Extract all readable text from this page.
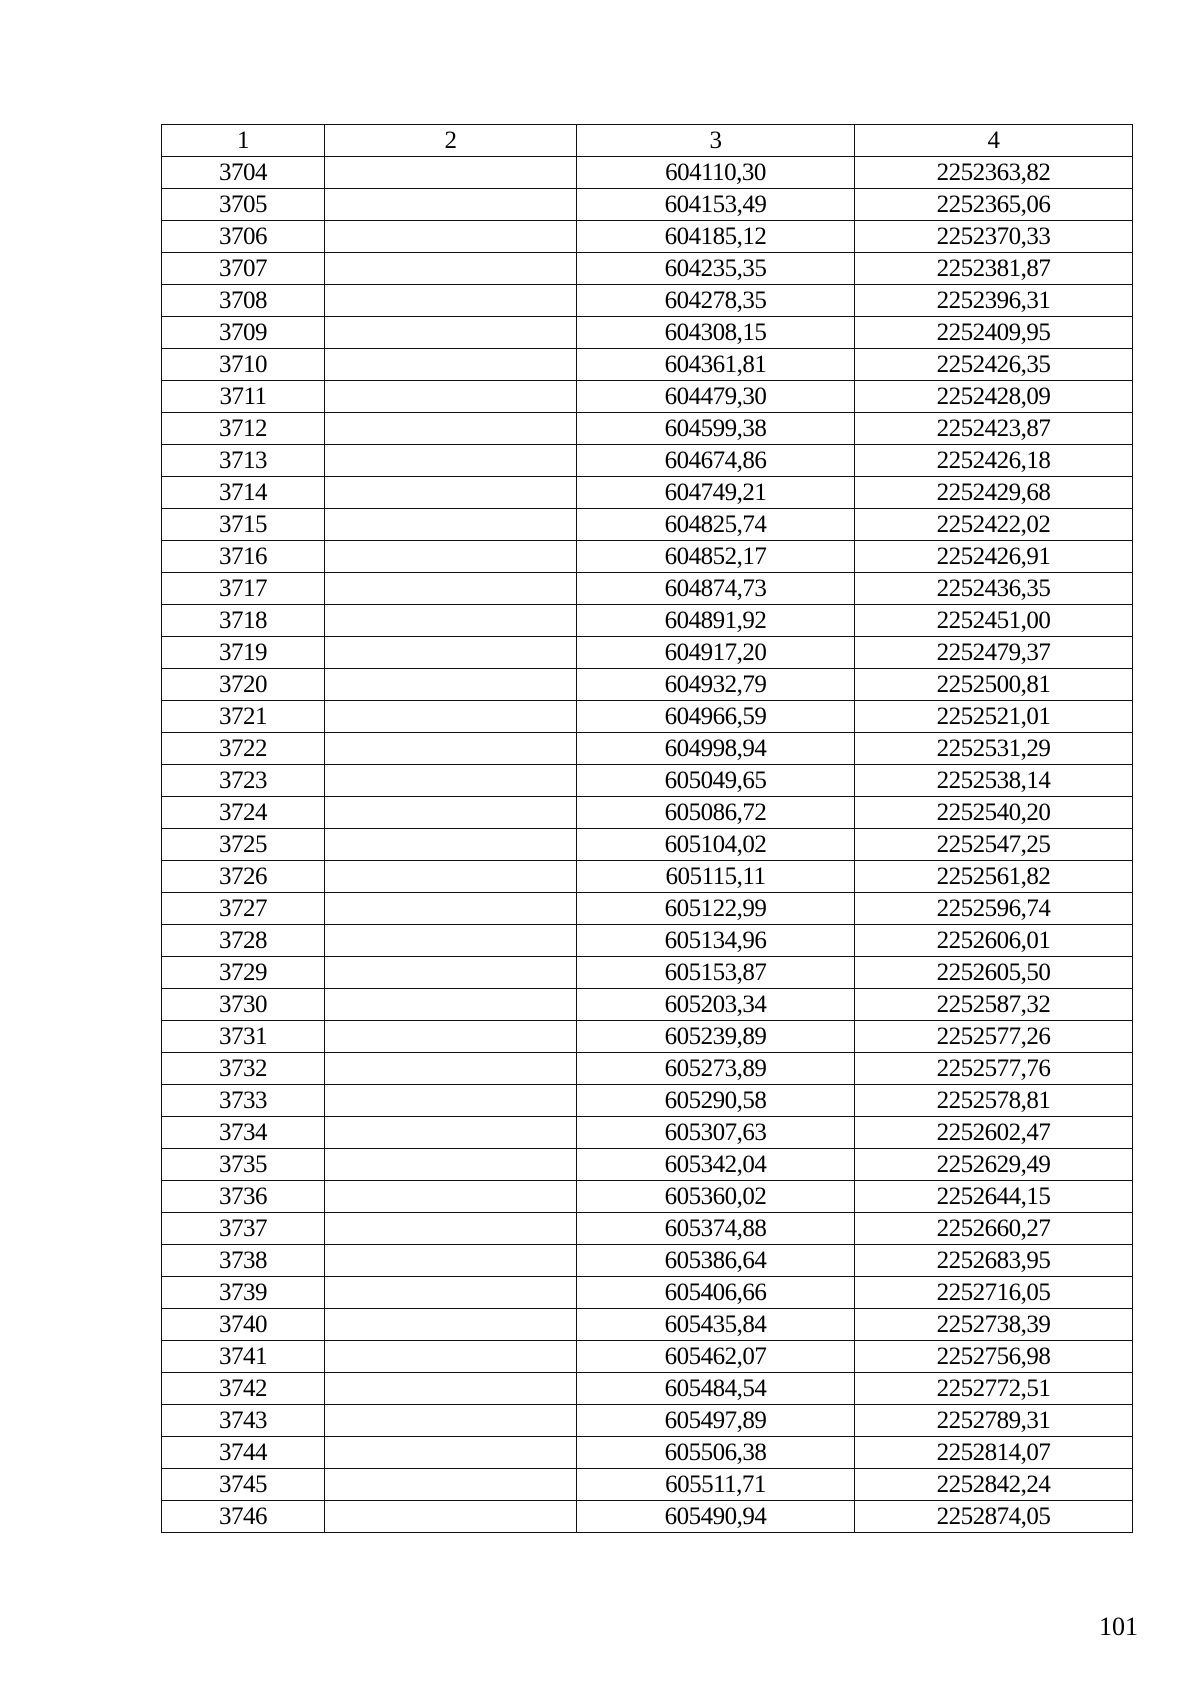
1	2	3	4
3704		604110,30	2252363,82
3705		604153,49	2252365,06
3706		604185,12	2252370,33
3707		604235,35	2252381,87
3708		604278,35	2252396,31
3709		604308,15	2252409,95
3710		604361,81	2252426,35
3711		604479,30	2252428,09
3712		604599,38	2252423,87
3713		604674,86	2252426,18
3714		604749,21	2252429,68
3715		604825,74	2252422,02
3716		604852,17	2252426,91
3717		604874,73	2252436,35
3718		604891,92	2252451,00
3719		604917,20	2252479,37
3720		604932,79	2252500,81
3721		604966,59	2252521,01
3722		604998,94	2252531,29
3723		605049,65	2252538,14
3724		605086,72	2252540,20
3725		605104,02	2252547,25
3726		605115,11	2252561,82
3727		605122,99	2252596,74
3728		605134,96	2252606,01
3729		605153,87	2252605,50
3730		605203,34	2252587,32
3731		605239,89	2252577,26
3732		605273,89	2252577,76
3733		605290,58	2252578,81
3734		605307,63	2252602,47
3735		605342,04	2252629,49
3736		605360,02	2252644,15
3737		605374,88	2252660,27
3738		605386,64	2252683,95
3739		605406,66	2252716,05
3740		605435,84	2252738,39
3741		605462,07	2252756,98
3742		605484,54	2252772,51
3743		605497,89	2252789,31
3744		605506,38	2252814,07
3745		605511,71	2252842,24
3746		605490,94	2252874,05
101
